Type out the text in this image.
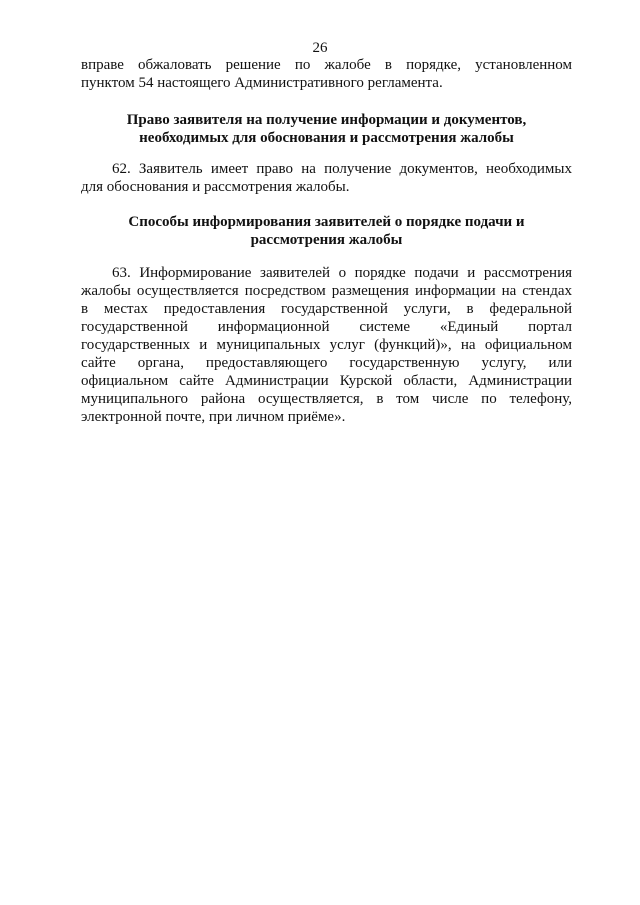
26
вправе обжаловать решение по жалобе в порядке, установленном
пунктом 54 настоящего Административного регламента.
Право заявителя на получение информации и документов,
необходимых для обоснования и рассмотрения жалобы
62. Заявитель имеет право на получение документов, необходимых
для обоснования и рассмотрения жалобы.
Способы информирования заявителей о порядке подачи и
рассмотрения жалобы
63. Информирование заявителей о порядке подачи и рассмотрения
жалобы осуществляется посредством размещения информации на стендах
в местах предоставления государственной услуги, в федеральной
государственной информационной системе «Единый портал
государственных и муниципальных услуг (функций)», на официальном
сайте органа, предоставляющего государственную услугу, или
официальном сайте Администрации Курской области, Администрации
муниципального района осуществляется, в том числе по телефону,
электронной почте, при личном приёме».
